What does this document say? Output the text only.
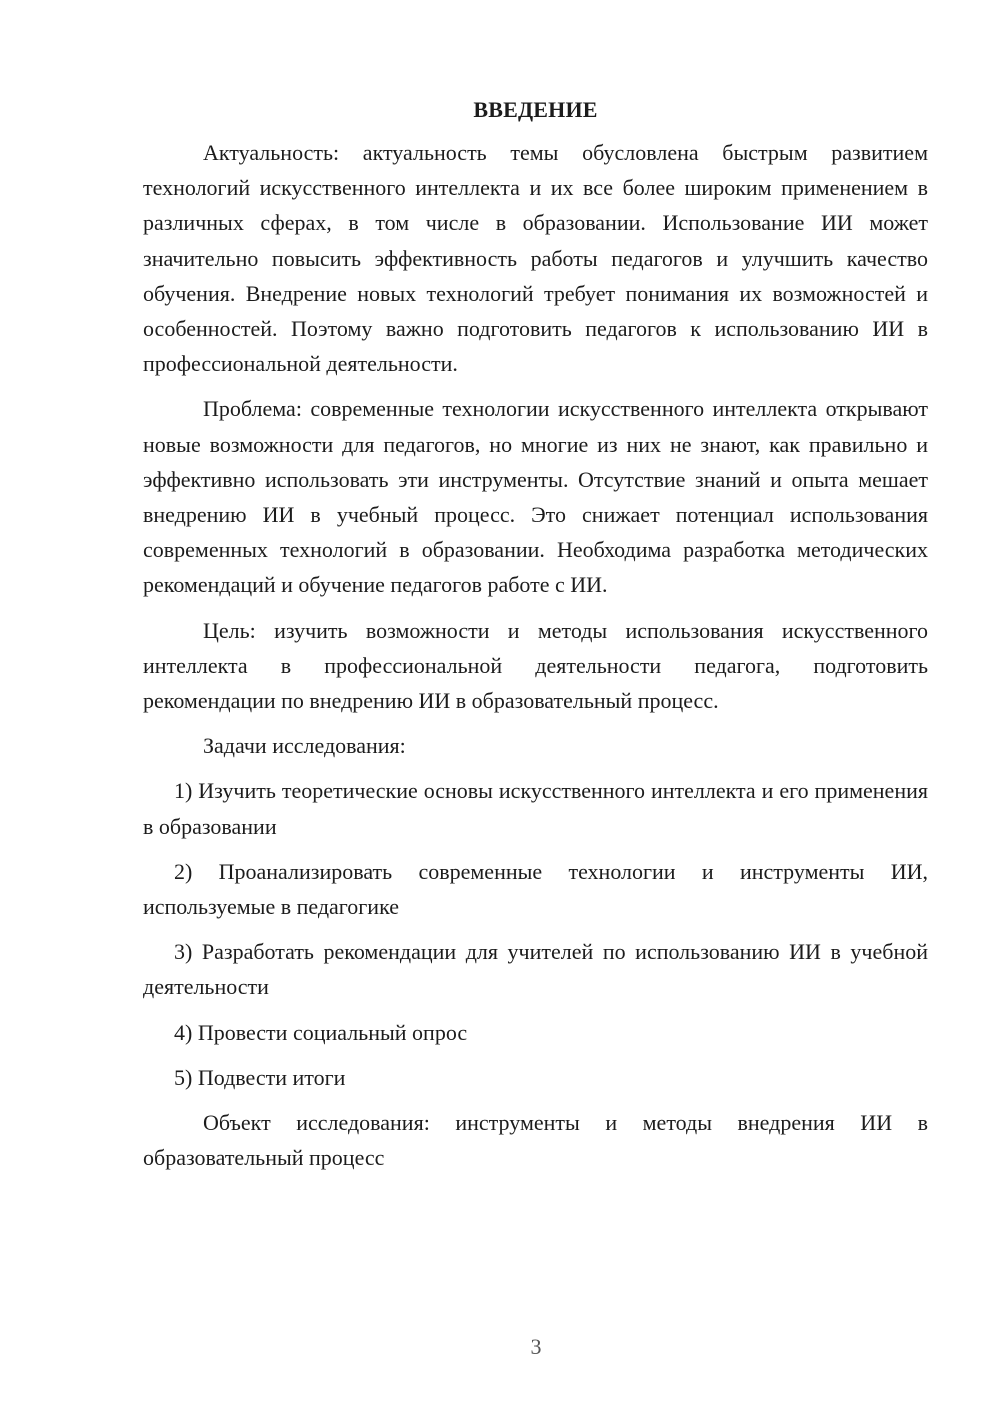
ВВЕДЕНИЕ

Актуальность: актуальность темы обусловлена быстрым развитием технологий искусственного интеллекта и их все более широким применением в различных сферах, в том числе в образовании. Использование ИИ может значительно повысить эффективность работы педагогов и улучшить качество обучения. Внедрение новых технологий требует понимания их возможностей и особенностей. Поэтому важно подготовить педагогов к использованию ИИ в профессиональной деятельности.

Проблема: современные технологии искусственного интеллекта открывают новые возможности для педагогов, но многие из них не знают, как правильно и эффективно использовать эти инструменты. Отсутствие знаний и опыта мешает внедрению ИИ в учебный процесс. Это снижает потенциал использования современных технологий в образовании. Необходима разработка методических рекомендаций и обучение педагогов работе с ИИ.

Цель: изучить возможности и методы использования искусственного интеллекта в профессиональной деятельности педагога, подготовить рекомендации по внедрению ИИ в образовательный процесс.

Задачи исследования:

1) Изучить теоретические основы искусственного интеллекта и его применения в образовании

2) Проанализировать современные технологии и инструменты ИИ, используемые в педагогике

3) Разработать рекомендации для учителей по использованию ИИ в учебной деятельности

4) Провести социальный опрос

5) Подвести итоги

Объект исследования: инструменты и методы внедрения ИИ в образовательный процесс

3
